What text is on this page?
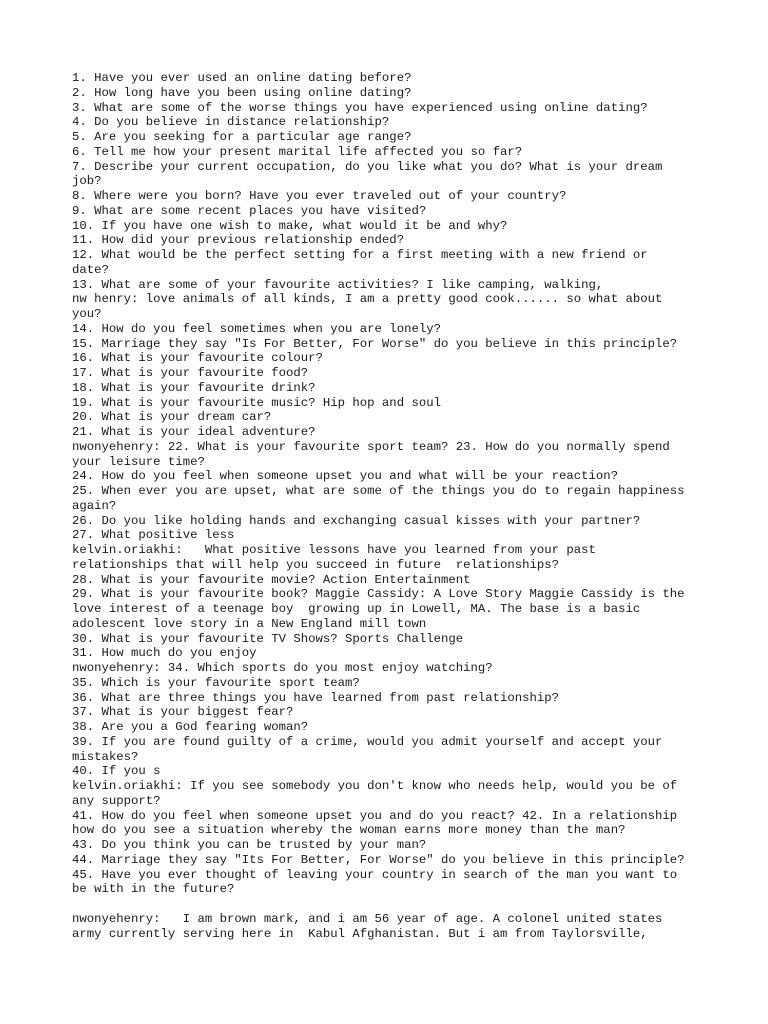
1. Have you ever used an online dating before?
2. How long have you been using online dating?
3. What are some of the worse things you have experienced using online dating?
4. Do you believe in distance relationship?
5. Are you seeking for a particular age range?
6. Tell me how your present marital life affected you so far?
7. Describe your current occupation, do you like what you do? What is your dream
job?
8. Where were you born? Have you ever traveled out of your country?
9. What are some recent places you have visited?
10. If you have one wish to make, what would it be and why?
11. How did your previous relationship ended?
12. What would be the perfect setting for a first meeting with a new friend or
date?
13. What are some of your favourite activities? I like camping, walking,
nw henry: love animals of all kinds, I am a pretty good cook...... so what about
you?
14. How do you feel sometimes when you are lonely?
15. Marriage they say "Is For Better, For Worse" do you believe in this principle?
16. What is your favourite colour?
17. What is your favourite food?
18. What is your favourite drink?
19. What is your favourite music? Hip hop and soul
20. What is your dream car?
21. What is your ideal adventure?
nwonyehenry: 22. What is your favourite sport team? 23. How do you normally spend
your leisure time?
24. How do you feel when someone upset you and what will be your reaction?
25. When ever you are upset, what are some of the things you do to regain happiness
again?
26. Do you like holding hands and exchanging casual kisses with your partner?
27. What positive less
kelvin.oriakhi:   What positive lessons have you learned from your past
relationships that will help you succeed in future  relationships?
28. What is your favourite movie? Action Entertainment
29. What is your favourite book? Maggie Cassidy: A Love Story Maggie Cassidy is the
love interest of a teenage boy  growing up in Lowell, MA. The base is a basic
adolescent love story in a New England mill town
30. What is your favourite TV Shows? Sports Challenge
31. How much do you enjoy
nwonyehenry: 34. Which sports do you most enjoy watching?
35. Which is your favourite sport team?
36. What are three things you have learned from past relationship?
37. What is your biggest fear?
38. Are you a God fearing woman?
39. If you are found guilty of a crime, would you admit yourself and accept your
mistakes?
40. If you s
kelvin.oriakhi: If you see somebody you don't know who needs help, would you be of
any support?
41. How do you feel when someone upset you and do you react? 42. In a relationship
how do you see a situation whereby the woman earns more money than the man?
43. Do you think you can be trusted by your man?
44. Marriage they say "Its For Better, For Worse" do you believe in this principle?
45. Have you ever thought of leaving your country in search of the man you want to
be with in the future?
nwonyehenry:   I am brown mark, and i am 56 year of age. A colonel united states
army currently serving here in  Kabul Afghanistan. But i am from Taylorsville,
